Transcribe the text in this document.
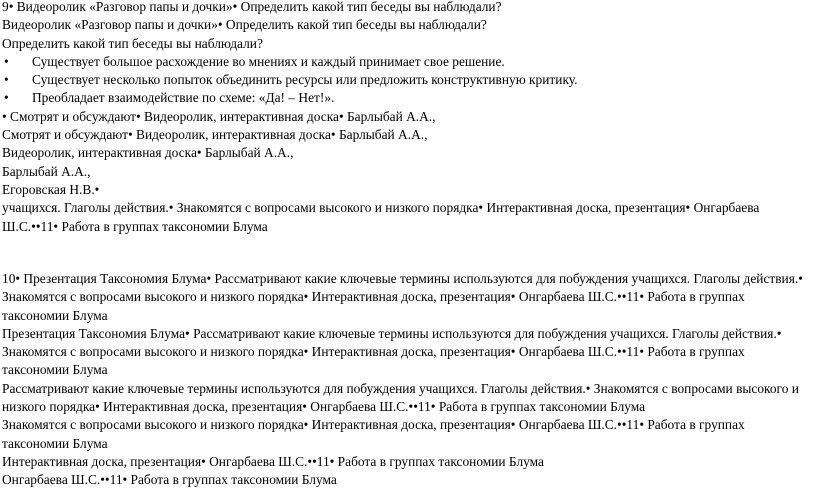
9• Видеоролик «Разговор папы и дочки»• Определить какой тип беседы вы наблюдали?
Видеоролик «Разговор папы и дочки»• Определить какой тип беседы вы наблюдали?
Определить какой тип беседы вы наблюдали?
• Существует большое расхождение во мнениях и каждый принимает свое решение.
• Существует несколько попыток объединить ресурсы или предложить конструктивную критику.
• Преобладает взаимодействие по схеме: «Да! – Нет!».
• Смотрят и обсуждают• Видеоролик, интерактивная доска• Барлыбай А.А.,
Смотрят и обсуждают• Видеоролик, интерактивная доска• Барлыбай А.А.,
Видеоролик, интерактивная доска• Барлыбай А.А.,
Барлыбай А.А.,
Егоровская Н.В.•
учащихся. Глаголы действия.• Знакомятся с вопросами высокого и низкого порядка• Интерактивная доска, презентация• Онгарбаева Ш.С.••11• Работа в группах таксономии Блума
10• Презентация Таксономия Блума• Рассматривают какие ключевые термины используются для побуждения учащихся. Глаголы действия.• Знакомятся с вопросами высокого и низкого порядка• Интерактивная доска, презентация• Онгарбаева Ш.С.••11• Работа в группах таксономии Блума
Презентация Таксономия Блума• Рассматривают какие ключевые термины используются для побуждения учащихся. Глаголы действия.• Знакомятся с вопросами высокого и низкого порядка• Интерактивная доска, презентация• Онгарбаева Ш.С.••11• Работа в группах таксономии Блума
Рассматривают какие ключевые термины используются для побуждения учащихся. Глаголы действия.• Знакомятся с вопросами высокого и низкого порядка• Интерактивная доска, презентация• Онгарбаева Ш.С.••11• Работа в группах таксономии Блума
Знакомятся с вопросами высокого и низкого порядка• Интерактивная доска, презентация• Онгарбаева Ш.С.••11• Работа в группах таксономии Блума
Интерактивная доска, презентация• Онгарбаева Ш.С.••11• Работа в группах таксономии Блума
Онгарбаева Ш.С.••11• Работа в группах таксономии Блума
